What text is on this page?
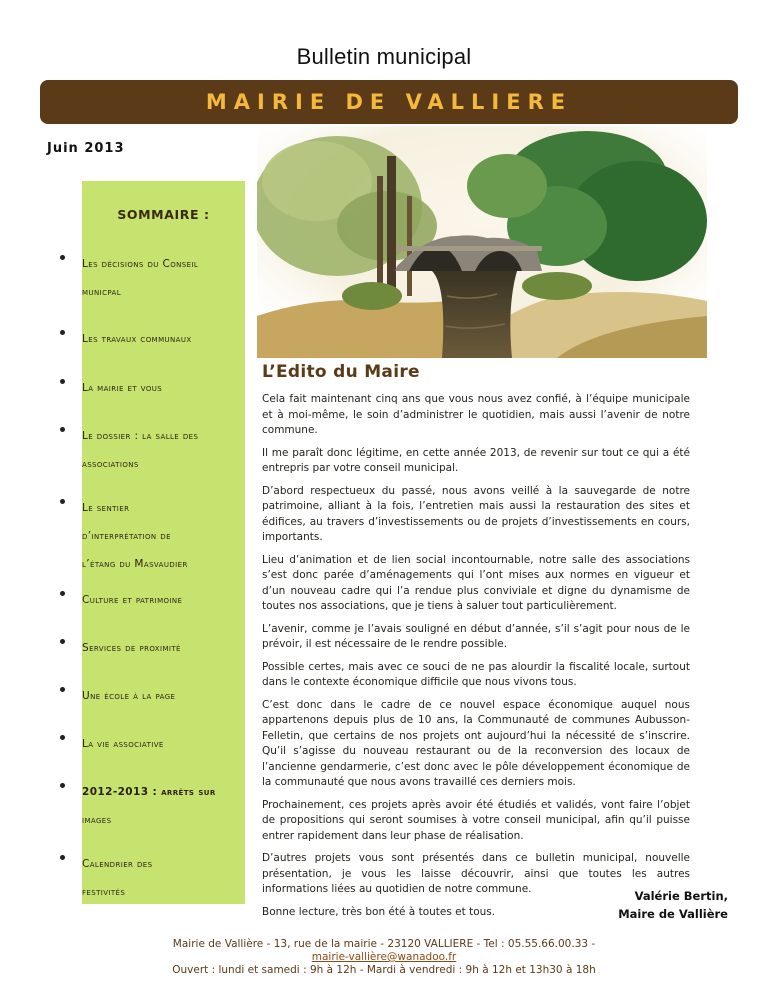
Bulletin municipal
MAIRIE DE VALLIERE
Juin 2013
SOMMAIRE :
Les décisions du Conseil
municpal
Les travaux communaux
La mairie et vous
Le dossier : la salle des
associations
Le sentier
d’interprétation de
l’étang du Masvaudier
Culture et patrimoine
Services de proximité
Une école à la page
La vie associative
2012-2013 : arrêts sur
images
Calendrier des
festivités
L’Edito du Maire

Cela fait maintenant cinq ans que vous nous avez confié, à l’équipe municipale et à moi-même, le soin d’administrer le quotidien, mais aussi l’avenir de notre commune.

Il me paraît donc légitime, en cette année 2013, de revenir sur tout ce qui a été entrepris par votre conseil municipal.

D’abord respectueux du passé, nous avons veillé à la sauvegarde de notre patrimoine, alliant à la fois, l’entretien mais aussi la restauration des sites et édifices, au travers d’investissements ou de projets d’investissements en cours, importants.

Lieu d’animation et de lien social incontournable, notre salle des associations s’est donc parée d’aménagements qui l’ont mises aux normes en vigueur et d’un nouveau cadre qui l’a rendue plus conviviale et digne du dynamisme de toutes nos associations, que je tiens à saluer tout particulièrement.

L’avenir, comme je l’avais souligné en début d’année, s’il s’agit pour nous de le prévoir, il est nécessaire de le rendre possible.

Possible certes, mais avec ce souci de ne pas alourdir la fiscalité locale, surtout dans le contexte économique difficile que nous vivons tous.

C’est donc dans le cadre de ce nouvel espace économique auquel nous appartenons depuis plus de 10 ans, la Communauté de communes Aubusson-Felletin, que certains de nos projets ont aujourd’hui la nécessité de s’inscrire. Qu’il s’agisse du nouveau restaurant ou de la reconversion des locaux de l’ancienne gendarmerie, c’est donc avec le pôle développement économique de la communauté que nous avons travaillé ces derniers mois.

Prochainement, ces projets après avoir été étudiés et validés, vont faire l’objet de propositions qui seront soumises à votre conseil municipal, afin qu’il puisse entrer rapidement dans leur phase de réalisation.

D’autres projets vous sont présentés dans ce bulletin municipal, nouvelle présentation, je vous les laisse découvrir, ainsi que toutes les autres informations liées au quotidien de notre commune.

Bonne lecture, très bon été à toutes et tous.

Valérie Bertin,
Maire de Vallière
Mairie de Vallière - 13, rue de la mairie - 23120 VALLIERE - Tel : 05.55.66.00.33 -
mairie-vallière@wanadoo.fr
Ouvert : lundi et samedi : 9h à 12h - Mardi à vendredi : 9h à 12h et 13h30 à 18h
